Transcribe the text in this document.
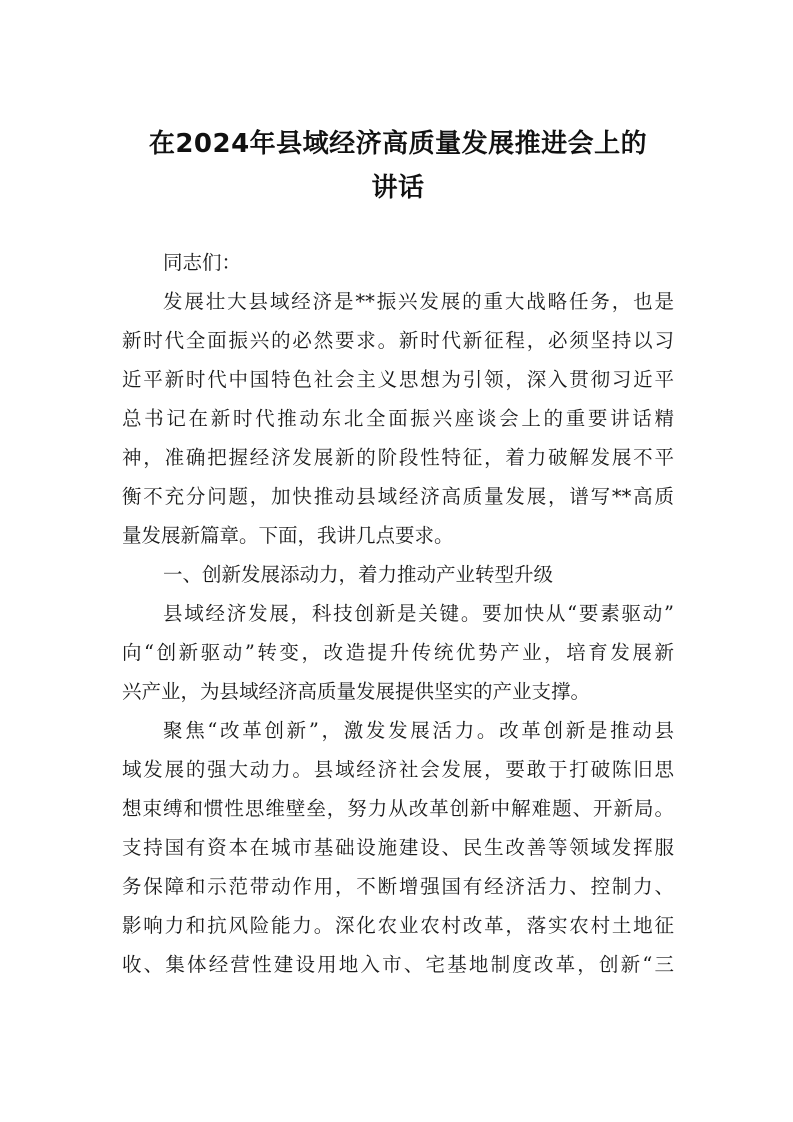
在2024年县域经济高质量发展推进会上的
讲话
同志们：
发展壮大县域经济是**振兴发展的重大战略任务，也是
新时代全面振兴的必然要求。新时代新征程，必须坚持以习
近平新时代中国特色社会主义思想为引领，深入贯彻习近平
总书记在新时代推动东北全面振兴座谈会上的重要讲话精
神，准确把握经济发展新的阶段性特征，着力破解发展不平
衡不充分问题，加快推动县域经济高质量发展，谱写**高质
量发展新篇章。下面，我讲几点要求。
一、创新发展添动力，着力推动产业转型升级
县域经济发展，科技创新是关键。要加快从“要素驱动”
向“创新驱动”转变，改造提升传统优势产业，培育发展新
兴产业，为县域经济高质量发展提供坚实的产业支撑。
聚焦“改革创新”，激发发展活力。改革创新是推动县
域发展的强大动力。县域经济社会发展，要敢于打破陈旧思
想束缚和惯性思维壁垒，努力从改革创新中解难题、开新局。
支持国有资本在城市基础设施建设、民生改善等领域发挥服
务保障和示范带动作用，不断增强国有经济活力、控制力、
影响力和抗风险能力。深化农业农村改革，落实农村土地征
收、集体经营性建设用地入市、宅基地制度改革，创新“三
